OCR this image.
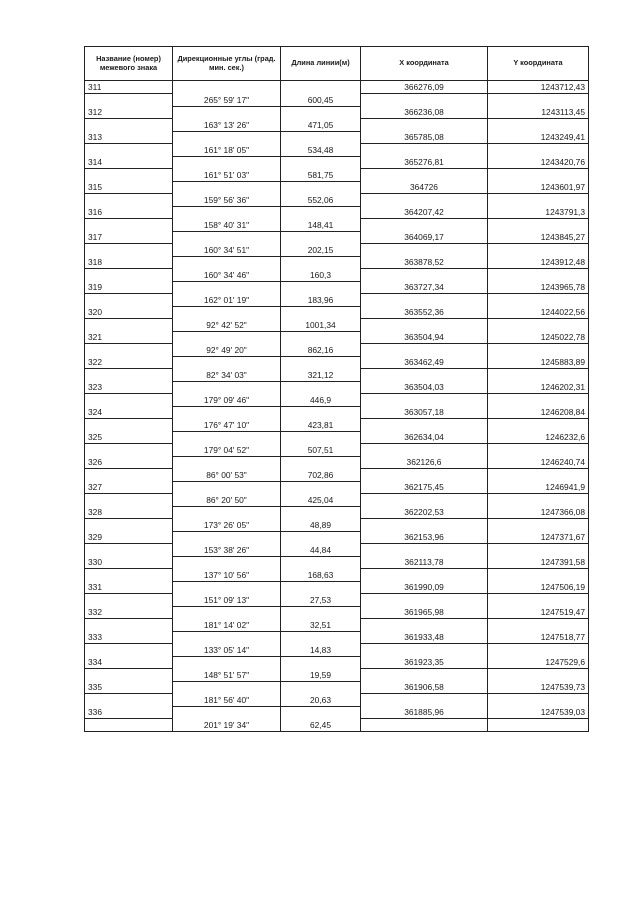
Название (номер) межевого знака	Дирекционные углы (град. мин. сек.)	Длина линии(м)	X координата	Y координата
311			366276,09	1243712,43
	265° 59' 17"	600,45		
312			366236,08	1243113,45
	163° 13' 26"	471,05		
313			365785,08	1243249,41
	161° 18' 05"	534,48		
314			365276,81	1243420,76
	161° 51' 03"	581,75		
315			364726	1243601,97
	159° 56' 36"	552,06		
316			364207,42	1243791,3
	158° 40' 31"	148,41		
317			364069,17	1243845,27
	160° 34' 51"	202,15		
318			363878,52	1243912,48
	160° 34' 46"	160,3		
319			363727,34	1243965,78
	162° 01' 19"	183,96		
320			363552,36	1244022,56
	92° 42' 52"	1001,34		
321			363504,94	1245022,78
	92° 49' 20"	862,16		
322			363462,49	1245883,89
	82° 34' 03"	321,12		
323			363504,03	1246202,31
	179° 09' 46"	446,9		
324			363057,18	1246208,84
	176° 47' 10"	423,81		
325			362634,04	1246232,6
	179° 04' 52"	507,51		
326			362126,6	1246240,74
	86° 00' 53"	702,86		
327			362175,45	1246941,9
	86° 20' 50"	425,04		
328			362202,53	1247366,08
	173° 26' 05"	48,89		
329			362153,96	1247371,67
	153° 38' 26"	44,84		
330			362113,78	1247391,58
	137° 10' 56"	168,63		
331			361990,09	1247506,19
	151° 09' 13"	27,53		
332			361965,98	1247519,47
	181° 14' 02"	32,51		
333			361933,48	1247518,77
	133° 05' 14"	14,83		
334			361923,35	1247529,6
	148° 51' 57"	19,59		
335			361906,58	1247539,73
	181° 56' 40"	20,63		
336			361885,96	1247539,03
	201° 19' 34"	62,45		
